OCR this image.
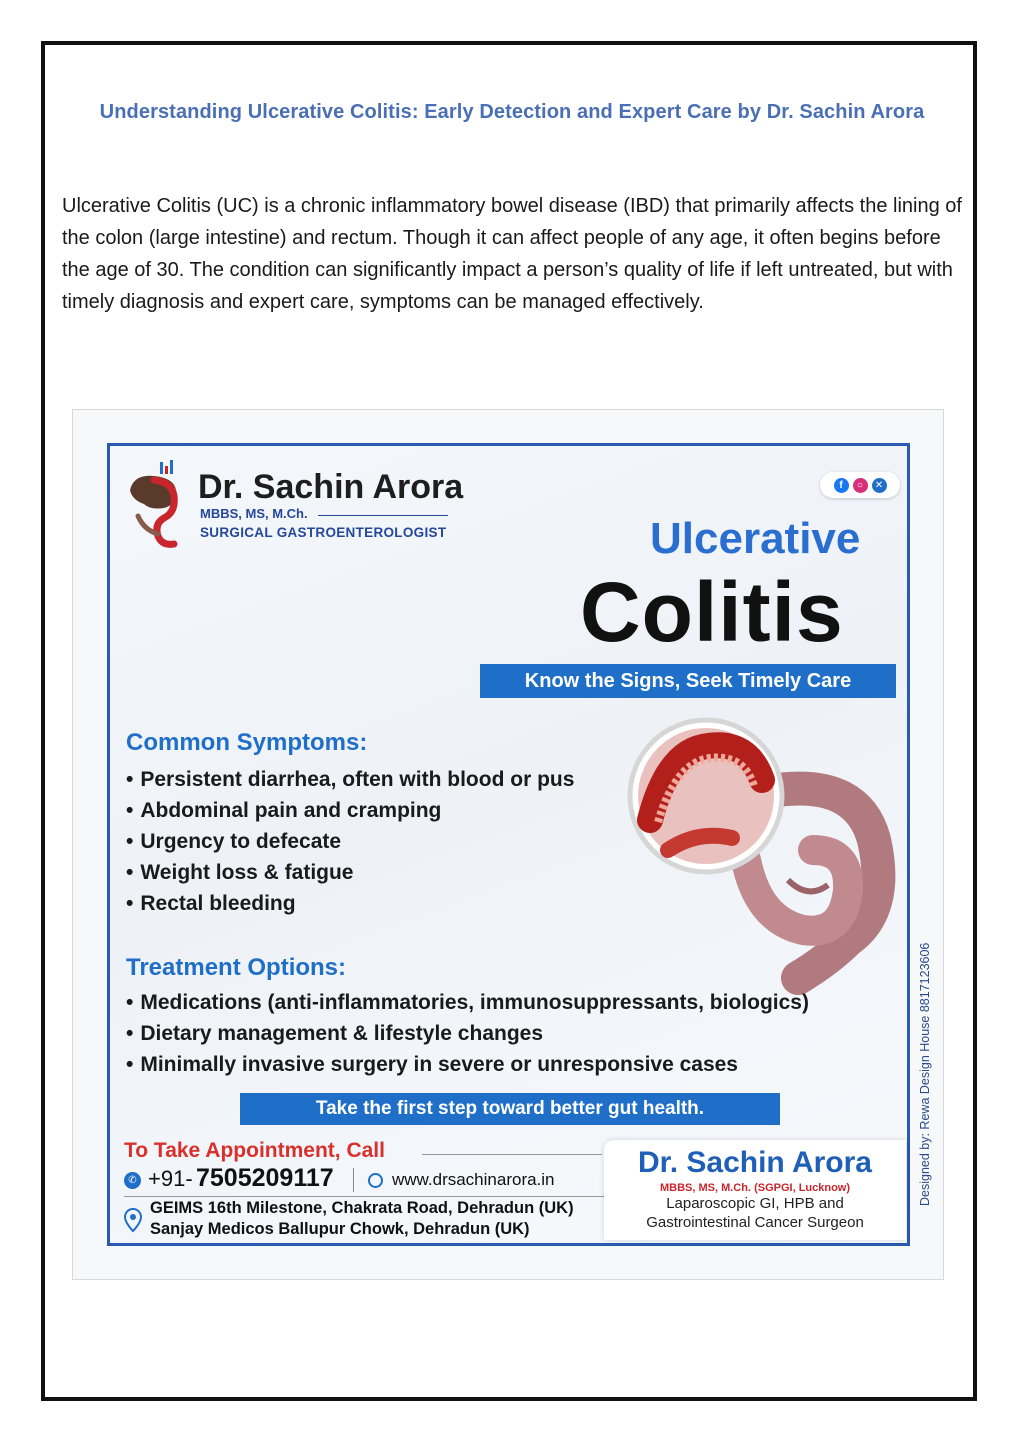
Understanding Ulcerative Colitis: Early Detection and Expert Care by Dr. Sachin Arora
Ulcerative Colitis (UC) is a chronic inflammatory bowel disease (IBD) that primarily affects the lining of the colon (large intestine) and rectum. Though it can affect people of any age, it often begins before the age of 30. The condition can significantly impact a person’s quality of life if left untreated, but with timely diagnosis and expert care, symptoms can be managed effectively.
Dr. Sachin Arora
MBBS, MS, M.Ch.
SURGICAL GASTROENTEROLOGIST
f	○	✕
Ulcerative
Colitis
Know the Signs, Seek Timely Care
Common Symptoms:
• Persistent diarrhea, often with blood or pus
• Abdominal pain and cramping
• Urgency to defecate
• Weight loss & fatigue
• Rectal bleeding
Treatment Options:
• Medications (anti-inflammatories, immunosuppressants, biologics)
• Dietary management & lifestyle changes
• Minimally invasive surgery in severe or unresponsive cases	Designed by: Rewa Design House 8817123606
Take the first step toward better gut health.
To Take Appointment, Call
✆ +91- 7505209117	www.drsachinarora.in
GEIMS 16th Milestone, Chakrata Road, Dehradun (UK)
Sanjay Medicos Ballupur Chowk, Dehradun (UK)
Dr. Sachin Arora
MBBS, MS, M.Ch. (SGPGI, Lucknow)
Laparoscopic GI, HPB and
Gastrointestinal Cancer Surgeon
